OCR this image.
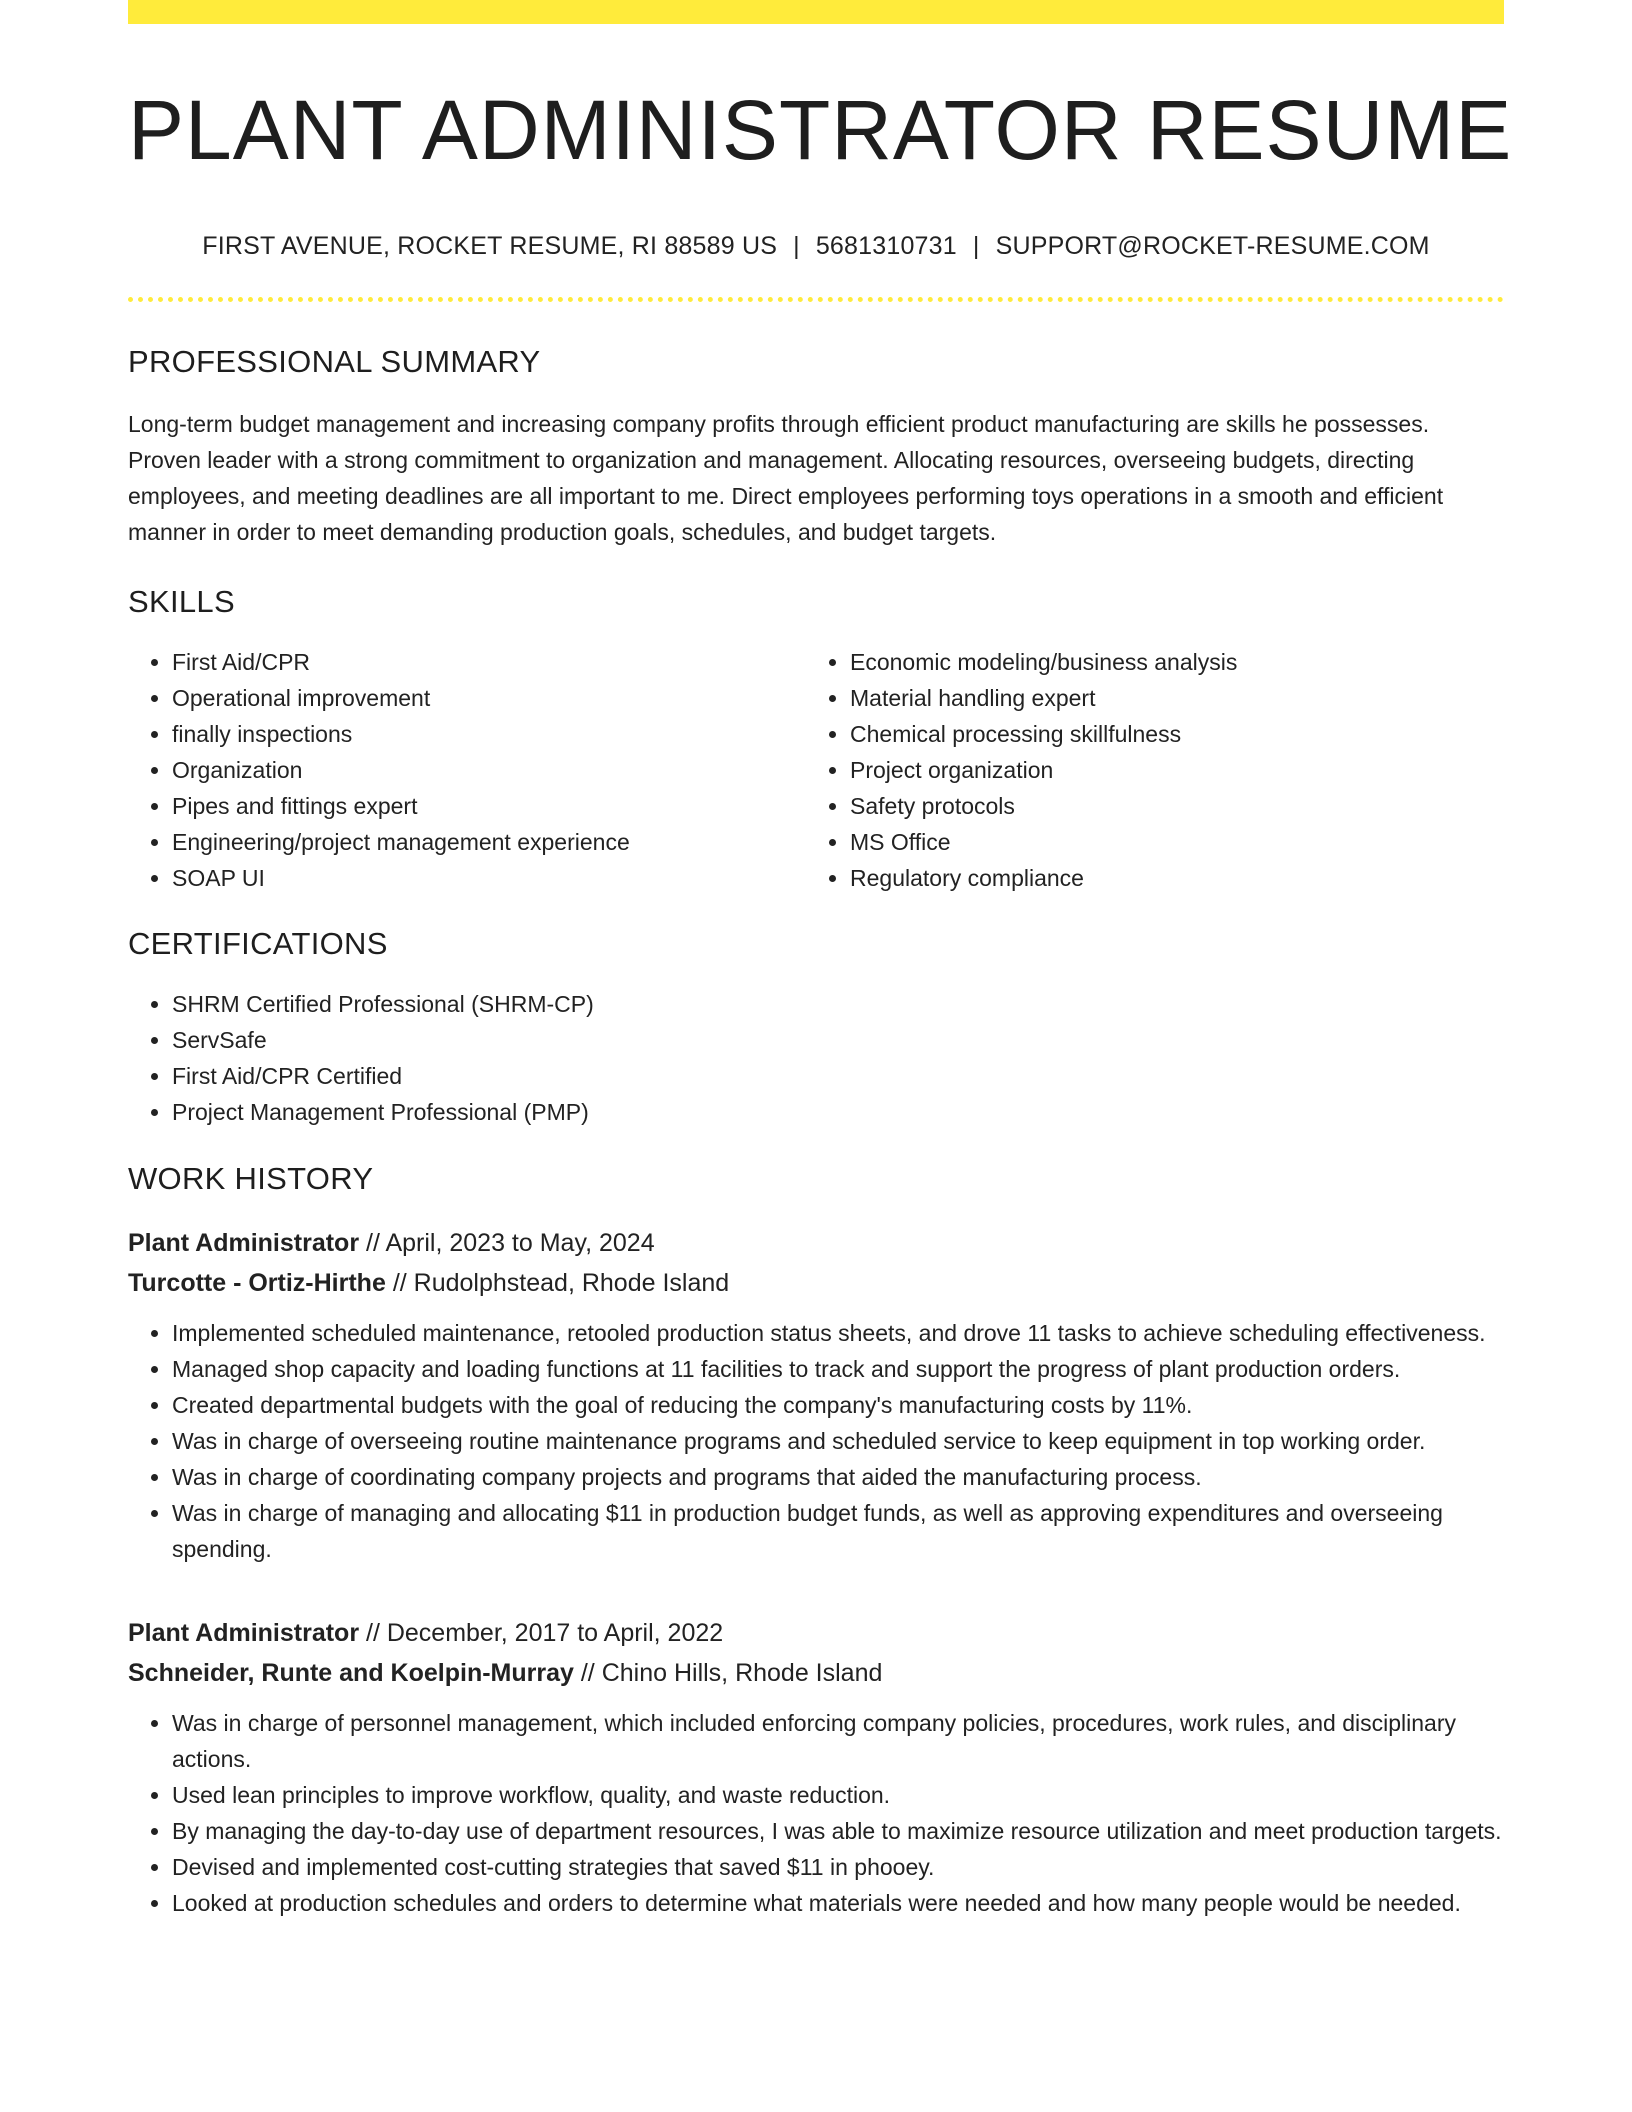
PLANT ADMINISTRATOR RESUME
FIRST AVENUE, ROCKET RESUME, RI 88589 US | 5681310731 | SUPPORT@ROCKET-RESUME.COM
PROFESSIONAL SUMMARY
Long-term budget management and increasing company profits through efficient product manufacturing are skills he possesses. Proven leader with a strong commitment to organization and management. Allocating resources, overseeing budgets, directing employees, and meeting deadlines are all important to me. Direct employees performing toys operations in a smooth and efficient manner in order to meet demanding production goals, schedules, and budget targets.
SKILLS
• First Aid/CPR
• Operational improvement
• finally inspections
• Organization
• Pipes and fittings expert
• Engineering/project management experience
• SOAP UI
• Economic modeling/business analysis
• Material handling expert
• Chemical processing skillfulness
• Project organization
• Safety protocols
• MS Office
• Regulatory compliance
CERTIFICATIONS
• SHRM Certified Professional (SHRM-CP)
• ServSafe
• First Aid/CPR Certified
• Project Management Professional (PMP)
WORK HISTORY
Plant Administrator // April, 2023 to May, 2024
Turcotte - Ortiz-Hirthe // Rudolphstead, Rhode Island
• Implemented scheduled maintenance, retooled production status sheets, and drove 11 tasks to achieve scheduling effectiveness.
• Managed shop capacity and loading functions at 11 facilities to track and support the progress of plant production orders.
• Created departmental budgets with the goal of reducing the company's manufacturing costs by 11%.
• Was in charge of overseeing routine maintenance programs and scheduled service to keep equipment in top working order.
• Was in charge of coordinating company projects and programs that aided the manufacturing process.
• Was in charge of managing and allocating $11 in production budget funds, as well as approving expenditures and overseeing spending.
Plant Administrator // December, 2017 to April, 2022
Schneider, Runte and Koelpin-Murray // Chino Hills, Rhode Island
• Was in charge of personnel management, which included enforcing company policies, procedures, work rules, and disciplinary actions.
• Used lean principles to improve workflow, quality, and waste reduction.
• By managing the day-to-day use of department resources, I was able to maximize resource utilization and meet production targets.
• Devised and implemented cost-cutting strategies that saved $11 in phooey.
• Looked at production schedules and orders to determine what materials were needed and how many people would be needed.
